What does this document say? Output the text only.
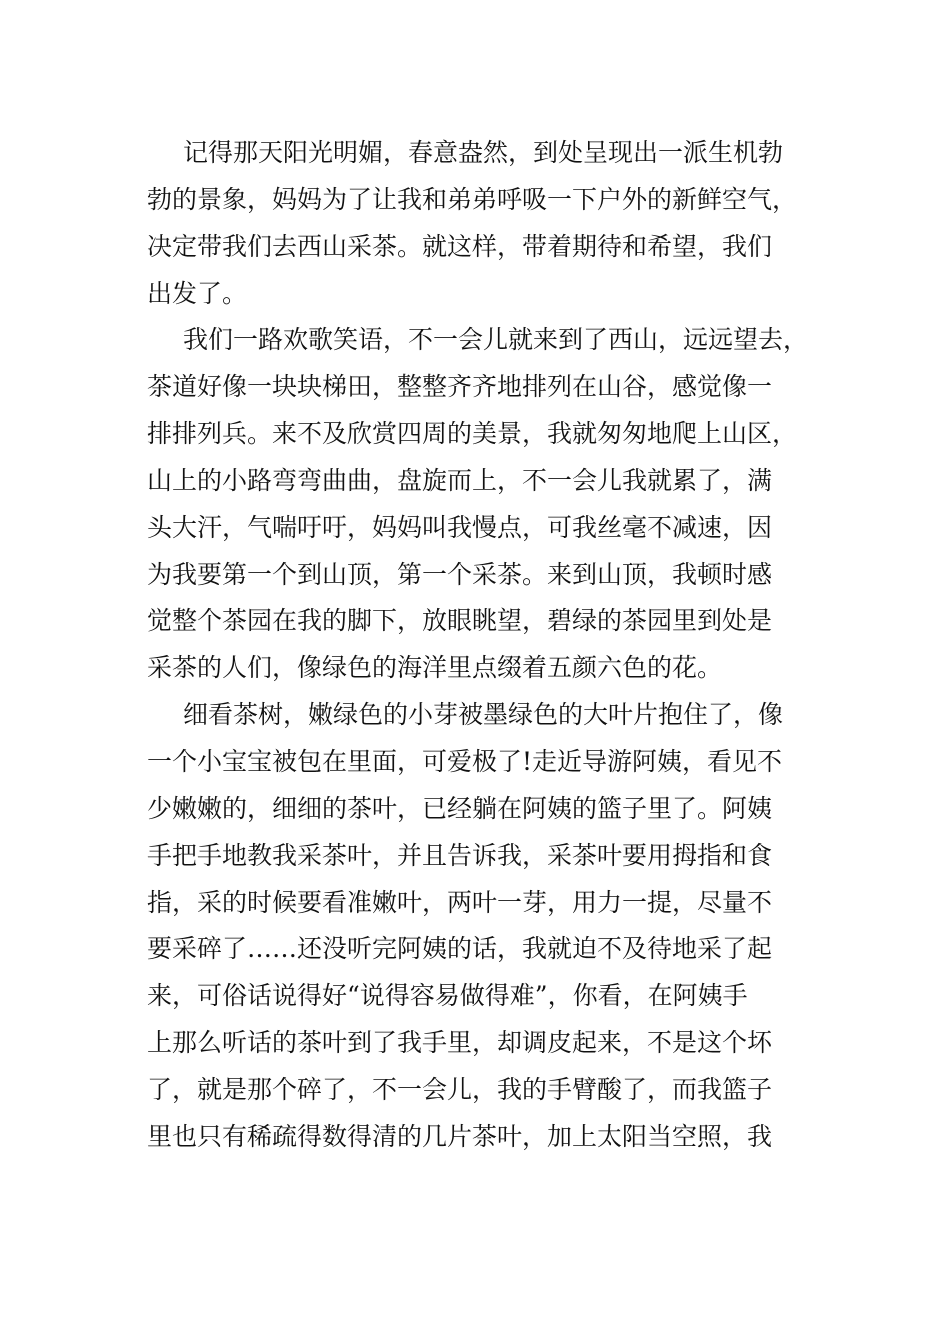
记得那天阳光明媚，春意盎然，到处呈现出一派生机勃
勃的景象，妈妈为了让我和弟弟呼吸一下户外的新鲜空气，
决定带我们去西山采茶。就这样，带着期待和希望，我们
出发了。
我们一路欢歌笑语，不一会儿就来到了西山，远远望去，
茶道好像一块块梯田，整整齐齐地排列在山谷，感觉像一
排排列兵。来不及欣赏四周的美景，我就匆匆地爬上山区，
山上的小路弯弯曲曲，盘旋而上，不一会儿我就累了，满
头大汗，气喘吁吁，妈妈叫我慢点，可我丝毫不减速，因
为我要第一个到山顶，第一个采茶。来到山顶，我顿时感
觉整个茶园在我的脚下，放眼眺望，碧绿的茶园里到处是
采茶的人们，像绿色的海洋里点缀着五颜六色的花。
细看茶树，嫩绿色的小芽被墨绿色的大叶片抱住了，像
一个小宝宝被包在里面，可爱极了!走近导游阿姨，看见不
少嫩嫩的，细细的茶叶，已经躺在阿姨的篮子里了。阿姨
手把手地教我采茶叶，并且告诉我，采茶叶要用拇指和食
指，采的时候要看准嫩叶，两叶一芽，用力一提，尽量不
要采碎了……还没听完阿姨的话，我就迫不及待地采了起
来，可俗话说得好“说得容易做得难”，你看，在阿姨手
上那么听话的茶叶到了我手里，却调皮起来，不是这个坏
了，就是那个碎了，不一会儿，我的手臂酸了，而我篮子
里也只有稀疏得数得清的几片茶叶，加上太阳当空照，我
